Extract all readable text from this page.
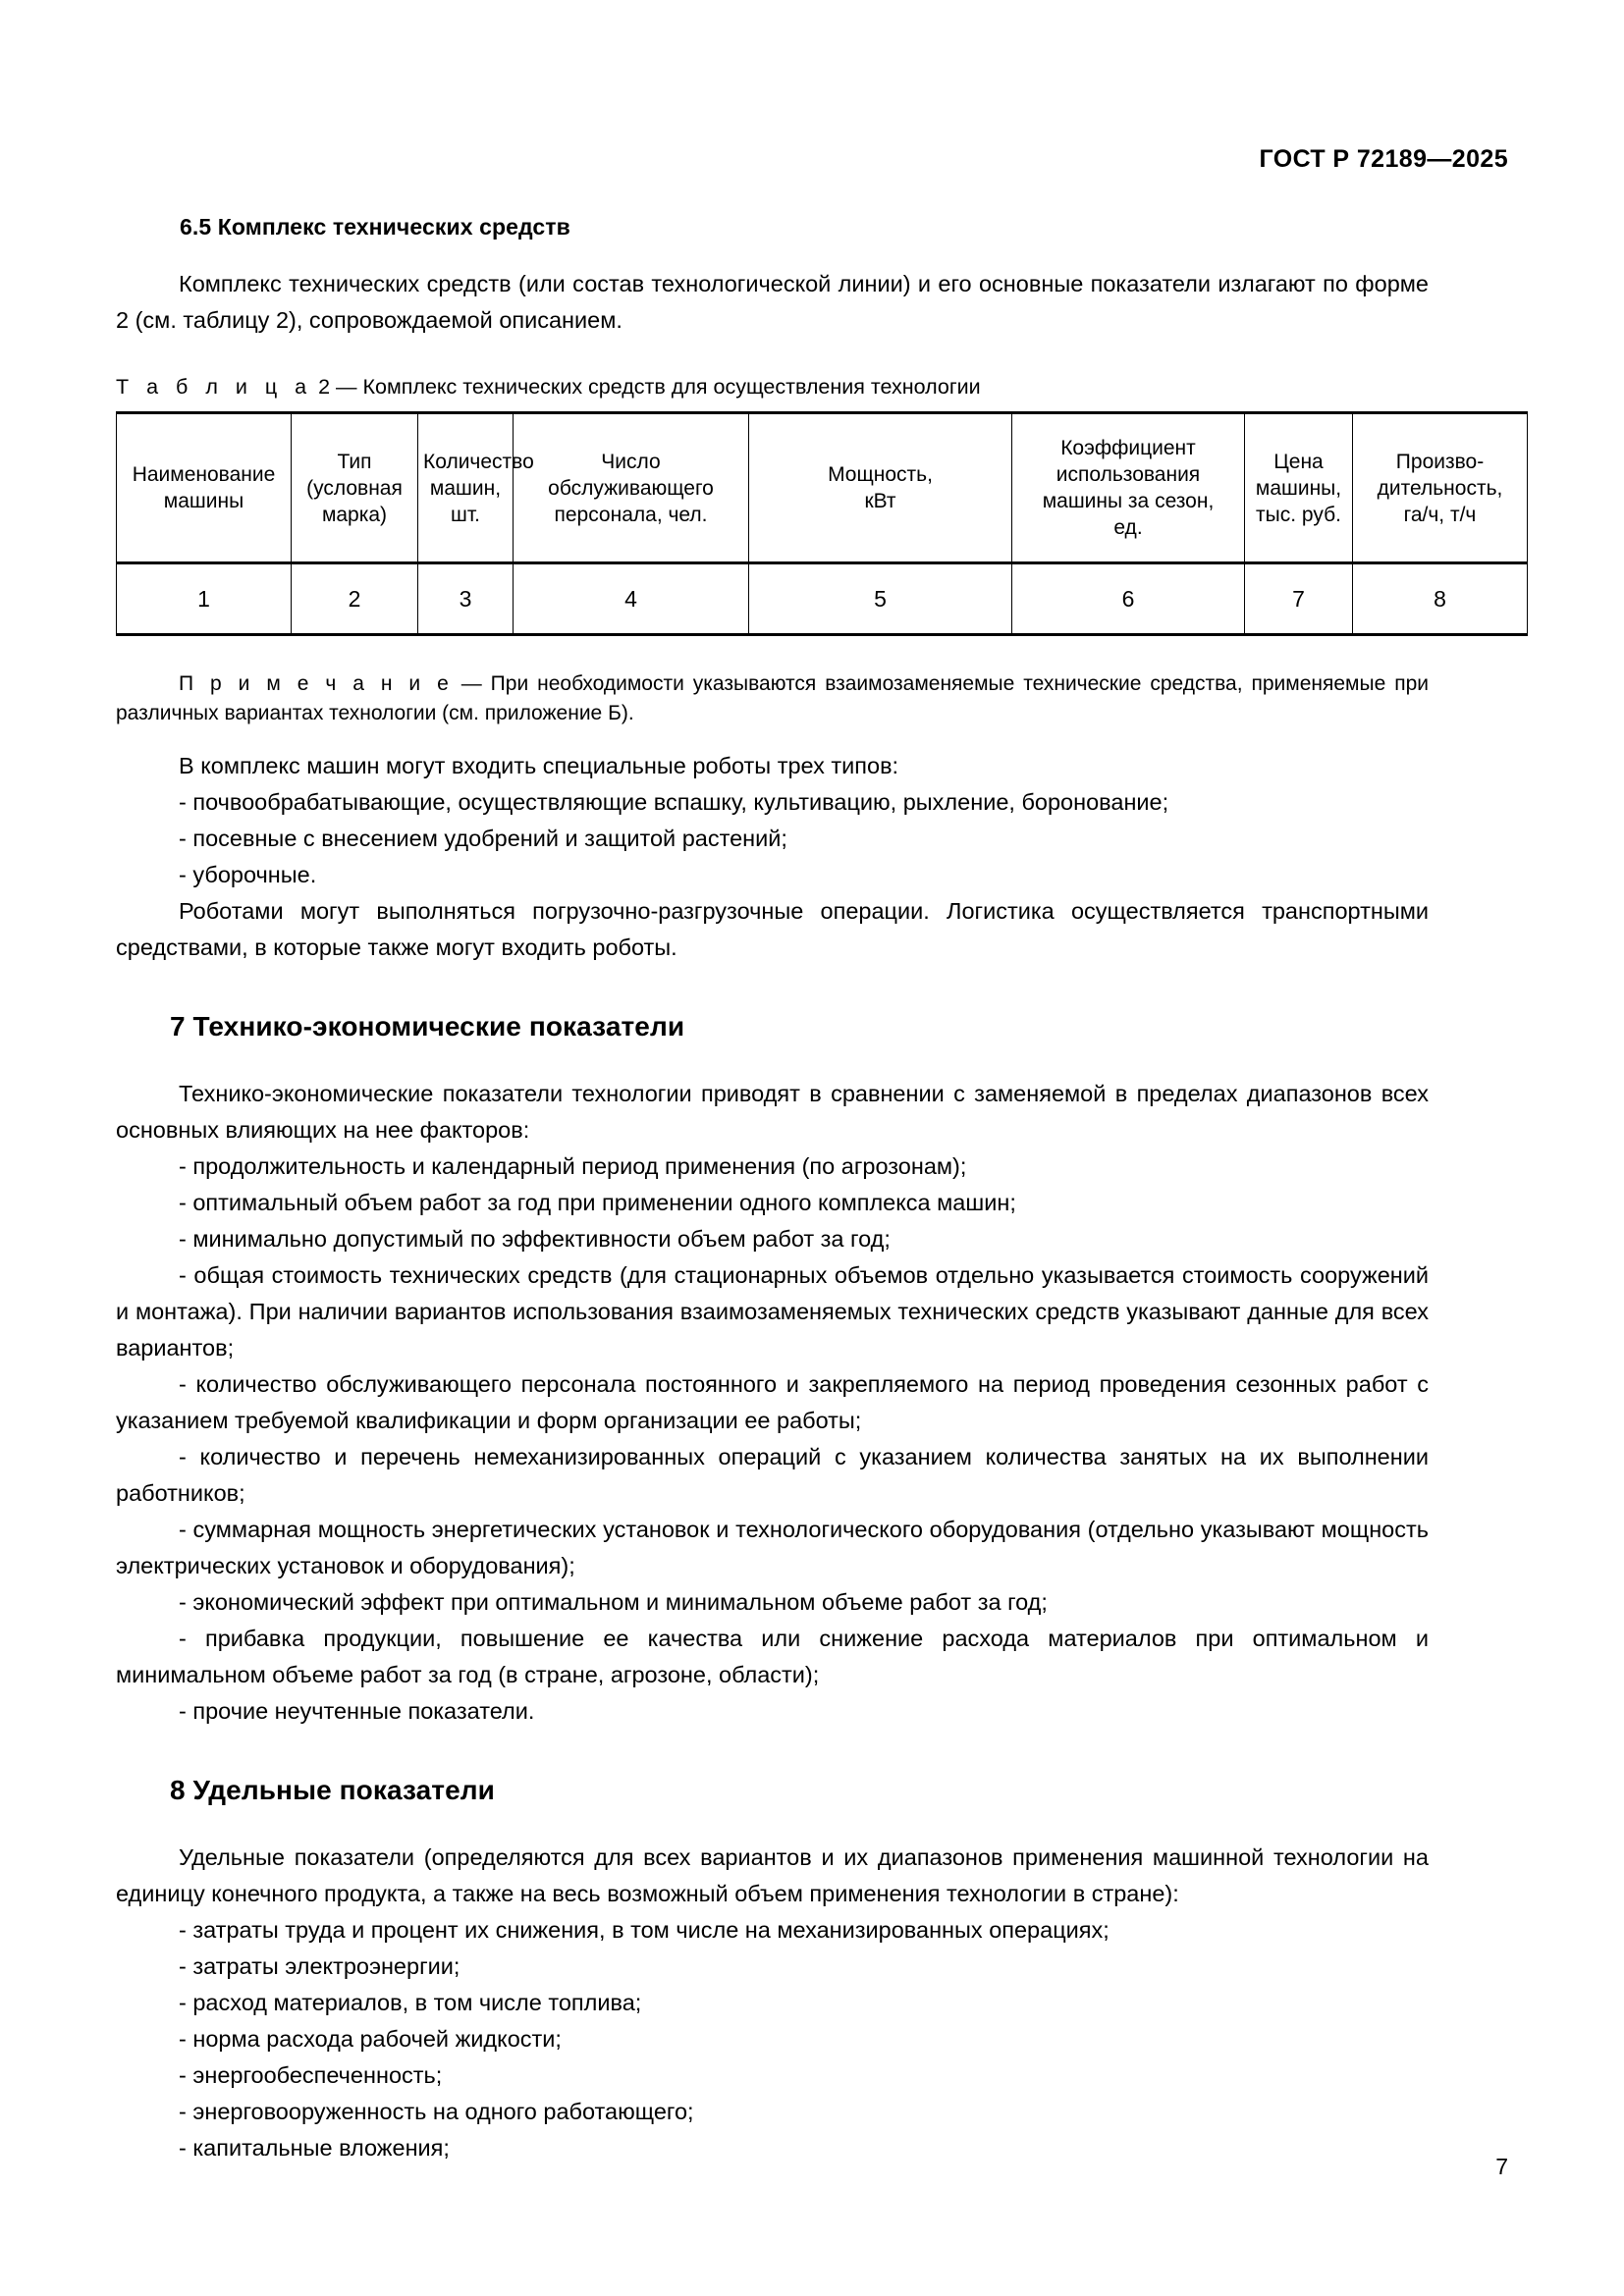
ГОСТ Р 72189—2025
6.5 Комплекс технических средств

Комплекс технических средств (или состав технологической линии) и его основные показатели излагают по форме 2 (см. таблицу 2), сопровождаемой описанием.

Т а б л и ц а 2 — Комплекс технических средств для осуществления технологии

Наименование
машины	Тип
(условная
марка)	Количество
машин, шт.	Число
обслуживающего
персонала, чел.	Мощность,
кВт	Коэффициент
использования
машины за сезон,
ед.	Цена
машины,
тыс. руб.	Произво-
дительность,
га/ч, т/ч
1	2	3	4	5	6	7	8

П р и м е ч а н и е — При необходимости указываются взаимозаменяемые технические средства, применяемые при различных вариантах технологии (см. приложение Б).

В комплекс машин могут входить специальные роботы трех типов:

- почвообрабатывающие, осуществляющие вспашку, культивацию, рыхление, боронование;

- посевные с внесением удобрений и защитой растений;

- уборочные.

Роботами могут выполняться погрузочно-разгрузочные операции. Логистика осуществляется транспортными средствами, в которые также могут входить роботы.

7 Технико-экономические показатели

Технико-экономические показатели технологии приводят в сравнении с заменяемой в пределах диапазонов всех основных влияющих на нее факторов:

- продолжительность и календарный период применения (по агрозонам);

- оптимальный объем работ за год при применении одного комплекса машин;

- минимально допустимый по эффективности объем работ за год;

- общая стоимость технических средств (для стационарных объемов отдельно указывается стоимость сооружений и монтажа). При наличии вариантов использования взаимозаменяемых технических средств указывают данные для всех вариантов;

- количество обслуживающего персонала постоянного и закрепляемого на период проведения сезонных работ с указанием требуемой квалификации и форм организации ее работы;

- количество и перечень немеханизированных операций с указанием количества занятых на их выполнении работников;

- суммарная мощность энергетических установок и технологического оборудования (отдельно указывают мощность электрических установок и оборудования);

- экономический эффект при оптимальном и минимальном объеме работ за год;

- прибавка продукции, повышение ее качества или снижение расхода материалов при оптимальном и минимальном объеме работ за год (в стране, агрозоне, области);

- прочие неучтенные показатели.

8 Удельные показатели

Удельные показатели (определяются для всех вариантов и их диапазонов применения машинной технологии на единицу конечного продукта, а также на весь возможный объем применения технологии в стране):

- затраты труда и процент их снижения, в том числе на механизированных операциях;

- затраты электроэнергии;

- расход материалов, в том числе топлива;

- норма расхода рабочей жидкости;

- энергообеспеченность;

- энерговооруженность на одного работающего;

- капитальные вложения;

7
